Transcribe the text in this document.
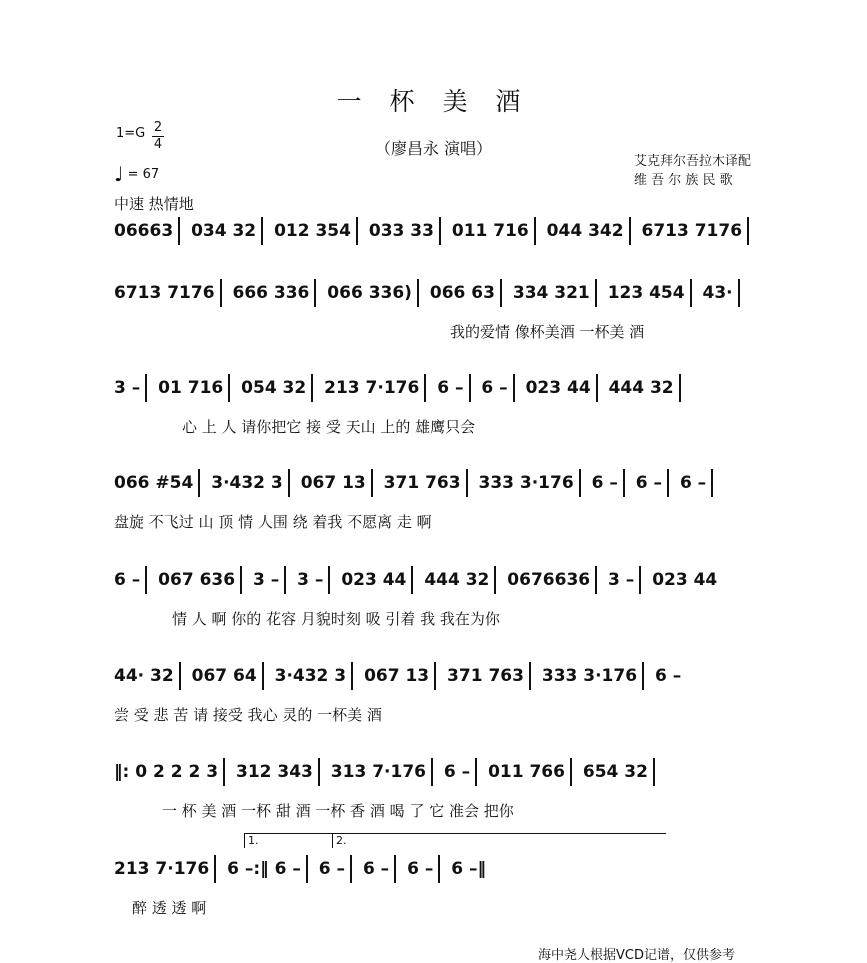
一 杯 美 酒
（廖昌永 演唱）
1=G 2
4
♩ = 67
艾克拜尔吾拉木译配
维 吾 尔 族 民 歌
中速 热情地
06663 034 32 012 354 033 33 011 716 044 342 6713 7176
6713 7176 666 336 066 336) 066 63 334 321 123 454 43·
我的爱情 像杯美酒 一杯美 酒
3 – 01 716 054 32 213 7·176 6 – 6 – 023 44 444 32
心 上 人 请你把它 接 受 天山 上的 雄鹰只会
066 #54 3·432 3 067 13 371 763 333 3·176 6 – 6 – 6 –
盘旋 不飞过 山 顶 情 人围 绕 着我 不愿离 走 啊
6 – 067 636 3 – 3 – 023 44 444 32 0676636 3 – 023 44
情 人 啊 你的 花容 月貌时刻 吸 引着 我 我在为你
44· 32 067 64 3·432 3 067 13 371 763 333 3·176 6 –
尝 受 悲 苦 请 接受 我心 灵的 一杯美 酒
‖: 0 2 2 2 3 312 343 313 7·176 6 – 011 766 654 32
一 杯 美 酒 一杯 甜 酒 一杯 香 酒 喝 了 它 准会 把你
1.	2.
213 7·176 6 –:‖ 6 – 6 – 6 – 6 – 6 –‖
醉 透 透 啊
海中尧人根据VCD记谱，仅供参考
